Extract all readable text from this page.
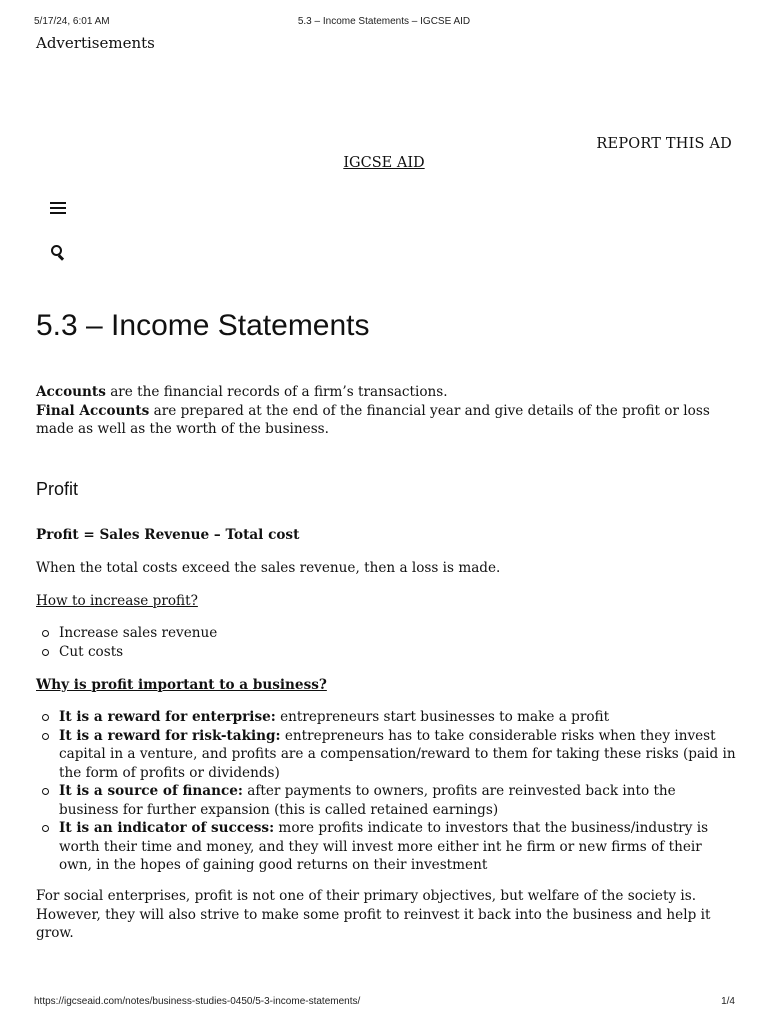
5/17/24, 6:01 AM	5.3 – Income Statements – IGCSE AID
Advertisements
REPORT THIS AD
IGCSE AID
5.3 – Income Statements

Accounts are the financial records of a firm’s transactions.

Final Accounts are prepared at the end of the financial year and give details of the profit or loss made as well as the worth of the business.

Profit
Profit = Sales Revenue – Total cost
When the total costs exceed the sales revenue, then a loss is made.
How to increase profit?
Increase sales revenue
Cut costs
Why is profit important to a business?
It is a reward for enterprise: entrepreneurs start businesses to make a profit
It is a reward for risk-taking: entrepreneurs has to take considerable risks when they invest capital in a venture, and profits are a compensation/reward to them for taking these risks (paid in the form of profits or dividends)
It is a source of finance: after payments to owners, profits are reinvested back into the business for further expansion (this is called retained earnings)
It is an indicator of success: more profits indicate to investors that the business/industry is worth their time and money, and they will invest more either int he firm or new firms of their own, in the hopes of gaining good returns on their investment
For social enterprises, profit is not one of their primary objectives, but welfare of the society is. However, they will also strive to make some profit to reinvest it back into the business and help it grow.
https://igcseaid.com/notes/business-studies-0450/5-3-income-statements/	1/4
